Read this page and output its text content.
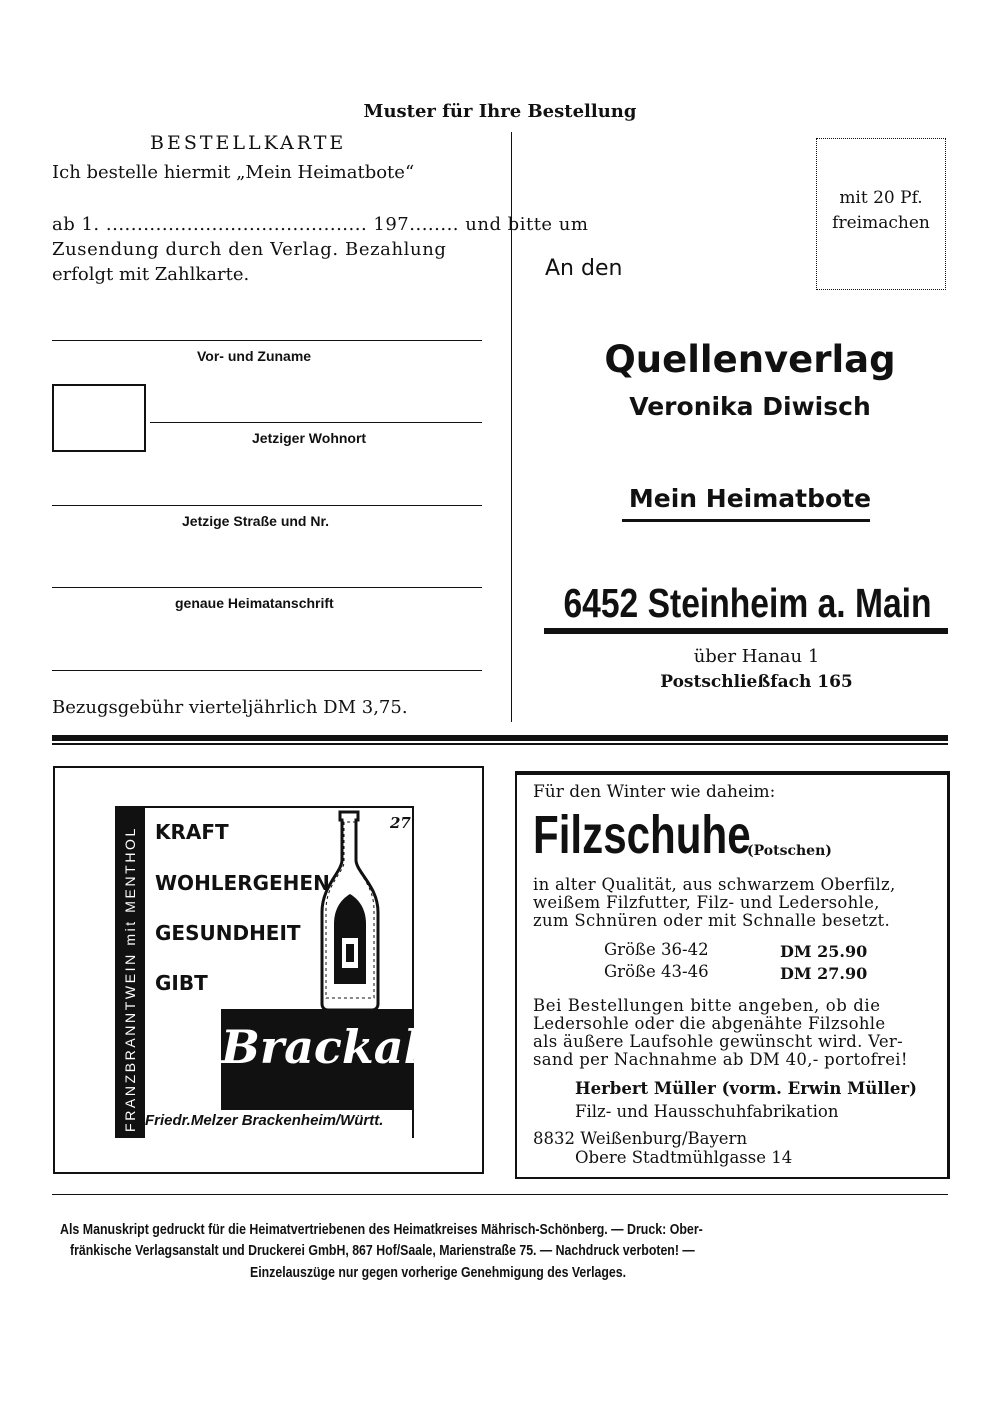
Muster für Ihre Bestellung
BESTELLKARTE
Ich bestelle hiermit „Mein Heimatbote“
ab 1. .......................................... 197........ und bitte um
Zusendung durch den Verlag. Bezahlung
erfolgt mit Zahlkarte.
Vor- und Zuname
Jetziger Wohnort
Jetzige Straße und Nr.
genaue Heimatanschrift
Bezugsgebühr vierteljährlich DM 3,75.
mit 20 Pf.
freimachen
An den
Quellenverlag
Veronika Diwisch
Mein Heimatbote
6452 Steinheim a. Main
über Hanau 1
Postschließfach 165
FRANZBRANNTWEIN mit MENTHOL KRAFT
WOHLERGEHEN
GESUNDHEIT
GIBT
27
Brackal
Friedr.Melzer Brackenheim/Württ.
Für den Winter wie daheim:
Filzschuhe
(Potschen)
in alter Qualität, aus schwarzem Oberfilz,
weißem Filzfutter, Filz- und Ledersohle,
zum Schnüren oder mit Schnalle besetzt.
Größe 36-42	DM 25.90
Größe 43-46	DM 27.90
Bei Bestellungen bitte angeben, ob die
Ledersohle oder die abgenähte Filzsohle
als äußere Laufsohle gewünscht wird. Ver-
sand per Nachnahme ab DM 40,- portofrei!
Herbert Müller (vorm. Erwin Müller)
Filz- und Hausschuhfabrikation
8832 Weißenburg/Bayern
Obere Stadtmühlgasse 14
Als Manuskript gedruckt für die Heimatvertriebenen des Heimatkreises Mährisch-Schönberg. — Druck: Ober-
fränkische Verlagsanstalt und Druckerei GmbH, 867 Hof/Saale, Marienstraße 75. — Nachdruck verboten! —
Einzelauszüge nur gegen vorherige Genehmigung des Verlages.
